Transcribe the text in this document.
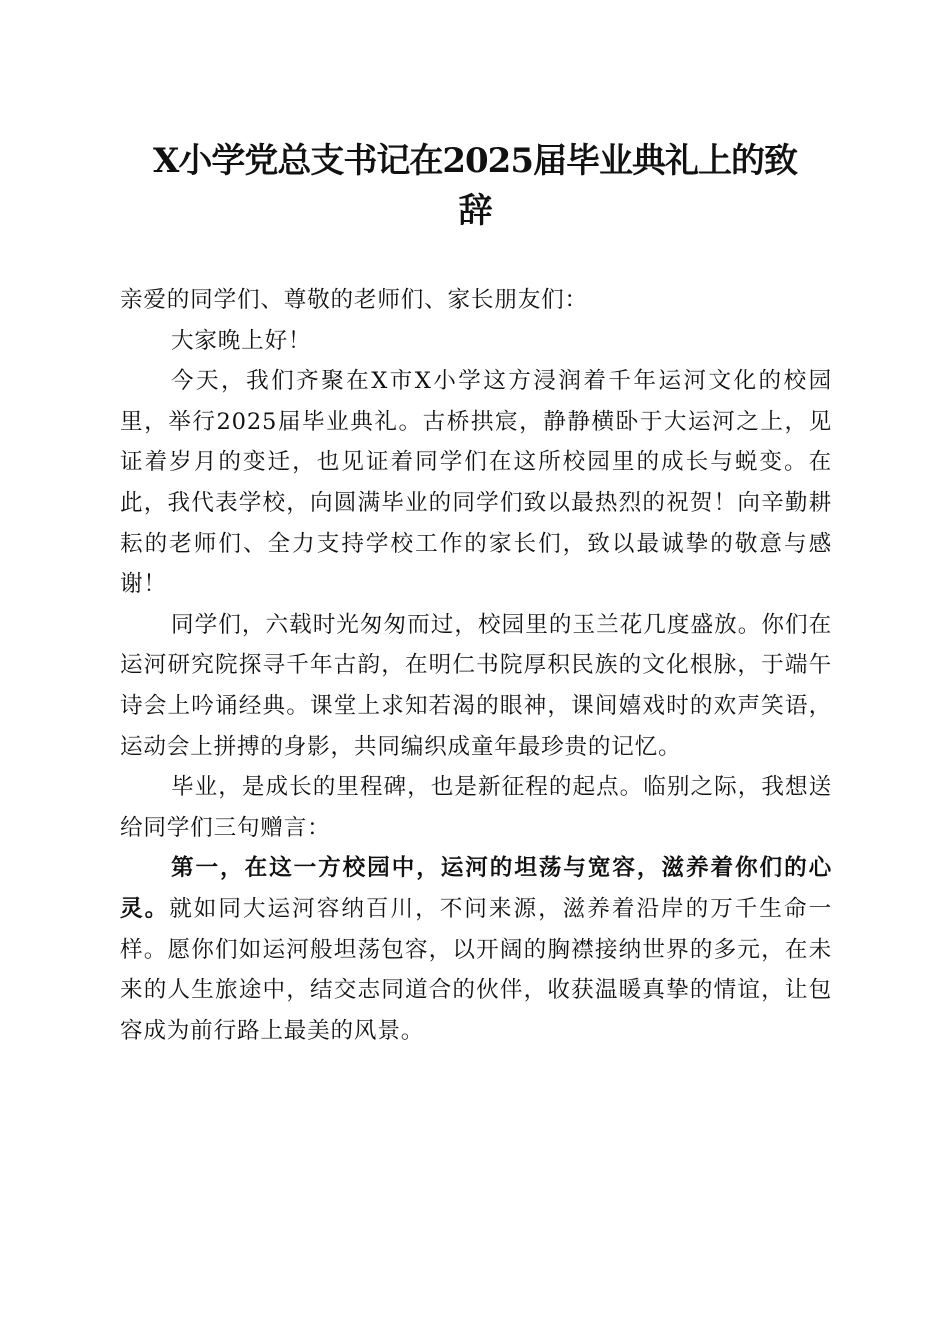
X小学党总支书记在2025届毕业典礼上的致
辞

亲爱的同学们、尊敬的老师们、家长朋友们：

大家晚上好！

今天，我们齐聚在X市X小学这方浸润着千年运河文化的校园里，举行2025届毕业典礼。古桥拱宸，静静横卧于大运河之上，见证着岁月的变迁，也见证着同学们在这所校园里的成长与蜕变。在此，我代表学校，向圆满毕业的同学们致以最热烈的祝贺！向辛勤耕耘的老师们、全力支持学校工作的家长们，致以最诚挚的敬意与感谢！

同学们，六载时光匆匆而过，校园里的玉兰花几度盛放。你们在运河研究院探寻千年古韵，在明仁书院厚积民族的文化根脉，于端午诗会上吟诵经典。课堂上求知若渴的眼神，课间嬉戏时的欢声笑语，运动会上拼搏的身影，共同编织成童年最珍贵的记忆。

毕业，是成长的里程碑，也是新征程的起点。临别之际，我想送给同学们三句赠言：

第一，在这一方校园中，运河的坦荡与宽容，滋养着你们的心灵。就如同大运河容纳百川，不问来源，滋养着沿岸的万千生命一样。愿你们如运河般坦荡包容，以开阔的胸襟接纳世界的多元，在未来的人生旅途中，结交志同道合的伙伴，收获温暖真挚的情谊，让包容成为前行路上最美的风景。
